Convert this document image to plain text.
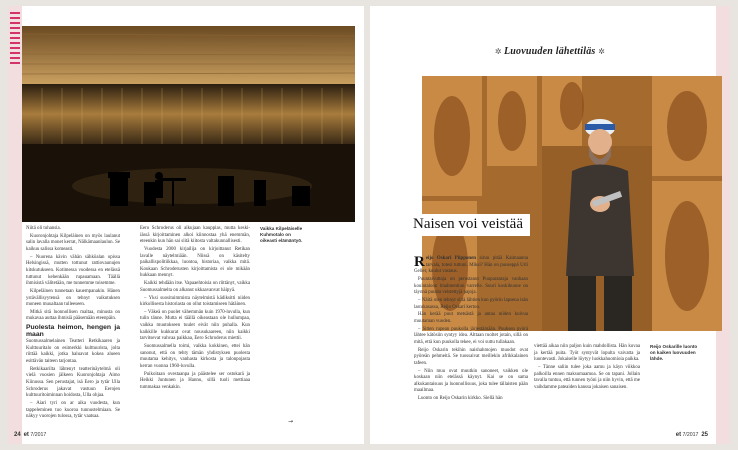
Niitä oli tuhansia.

Kuoronjohtaja Kilpeläinen on myös laulanut salin lavalla monet kerrat, Nälkämaanlaulun. Se kaikuu salissa komeasti.

– Nuorena kävin vähän sähköalan opissa Helsingissä, mutten tottunut rattiovaunujen kitskutukseen. Kotimessa vuodessa en etelässä tuttunut kehenkään rupauamaan. Täällä ihmisistä välitetään, me tunnemme toisemme.

Kilpeläinen tunnetaan kauempanakin. Hänen ystävällisyytensä on tehnyt vaikutuksen moneen muualtaan tulleeseen.

Mitkä sitä luonnollisen maltaa, minusta on mukavaa auttaa ihmisiä pääsemään eteenpäin.

Puolesta heimon, hengen ja maan

Suomussalmelainen Teatteri Retkikaaren ja Kulttuuritalo on esimerkki kulttuurista, jolta riittää kaikki, jotka haluavat kokea alueen esittävän taiteen tarjontaa.

Retkikaarilta lähtenyt teatterinäytelmä oli vielä vuosien jälkeen Kuoronjohtaja Aimo Kiinussa. Sen perustajat, isä Eero ja tytär Ulla Schroderus jakavat vastuun Eerojen kulttuuritoiminnan hoidosta, Ulla ohjaa.

– Aiari tyri on ar aika vuodesta, kun tappeleminen tuo kuoroa tunnustelmiaan. Se näkyy vuorojen tulossa, tytär vaatsaa.

Eero Schroderus oli alkujaan kauppias, mutta keski-iässä kirjoittaminen alkoi kiinnostaa yhä enemmän, eteenkin kun hän sai siitä kiitosta valtakunnallisesti.

Vuodesta 2000 kirjailija on kirjoittanut Retikan lavalle näytelmiään. Niissä on käsitelty paikallispolitiikkaa, luontoa, historiaa, vaikka mitä. Koukaan Schroderusten kirjoittamista ei ole mikään hukkaan mennyt.

Kaikki tehdään itse. Vapaaehtoisia on riittänyt, vaikka Suomussalmelta on alkanut ukkaavanvat häipyä.

– Yksi suosituimmista näytelmistä kädiksitti niiden kirkollisesta historiasta on ollut toistamiseen hätäinen.

– Väkeä on puolet vähemmän kuin 1970-luvulla, kun tulin tänne. Mutta ei täällä oikeastaan ole hullumpaa, vaikka muutokseen tuulet eivät niin puhalla. Kun kaikkille kukkurat ovat nousukaareen, niin kaikki tarvitsevat vahvaa paikkaa, Eero Schroderus miettii.

Suomussalmella toimi, vaikka kokkinen, ettei hän sanonut, että on tehty tämän yhdistyksen puolesta muutama kehitys, vanhasta kirkosta ja talonpojasta kerran vuonna 1960-luvulla.

Puikoitaan ovestaanpa ja päästelee ser ostokarä ja Heikki Juntunen ja Hannu, sillä tuoli mettiaaa tummakaa venkakin.

Vaikka Kilpeläiselle Kuhmotalo on oikeasti elämäntyö.
→
24 et 7/2017
✲ Luovuuden lähettiläs ✲
Naisen voi veistää

Reijo Oskari Piipponen siruu pitää Kaimaanna tarvala, totesi tuttuni. Miksi? Hän on puuseppä Urli Geller, kuulut vastaus.

Puuntaivuttaja on perustanut Puuparantaja vanhaan koulutaloon lmalmentiun varrelle. Suuri koskihuone on täynnä puusta veistettyjä pajoja.

– Näitä olen tehnyt siitä lähtien kun pyörin lapsena isän lastukasassa, Reijo Oskari kertoo.

Hän kerää puut metsästä ja antaa niiden kuivua muutaman vuoden.

– Sitten rupean puukolla järjestämään. Puuksen pyörä lähtee kätösiin syntyy idea. Alttaan ruoltet jotain, sillä on mitä, että kun puukolla tekee, ei voi suttu tullakaan.

Reijo Oskarin tekihin naishahmojen muodot ovat pyöreän pehmeitä. Se tuossaivat meillekin afrikkalainen tafeen.

– Niin muu ovat muutkin sanoneet, vaikken ole koskaan niin etelässä käynyt. Kai se on sama alkukantaisuus ja luonnollisuus, joka tulee tällaisten pään maailmaa.

Luonto on Reijo Oskarin kirkko. Siellä hän

viettää aikaa niin paljon kuin mahdollista. Hän kuvaa ja kertää puita. Työt syntyvät lopulta vaivatta ja luontevasti. Jokaiselle löytyy luokkahuomioia paikka.

– Tänne saliin tulee joka aamu ja käyn viikkoa palkoilla ennen maksumaamoa. Se on tapani. Jollain tavalla tuntuu, että tunnen työni ja niin hyvin, että me vaihdamme pateaiden kanssa jokaisen sanaisen.

Reijo Oskarille luonto on kaiken luovuuden lähde.
et 7/2017 25
